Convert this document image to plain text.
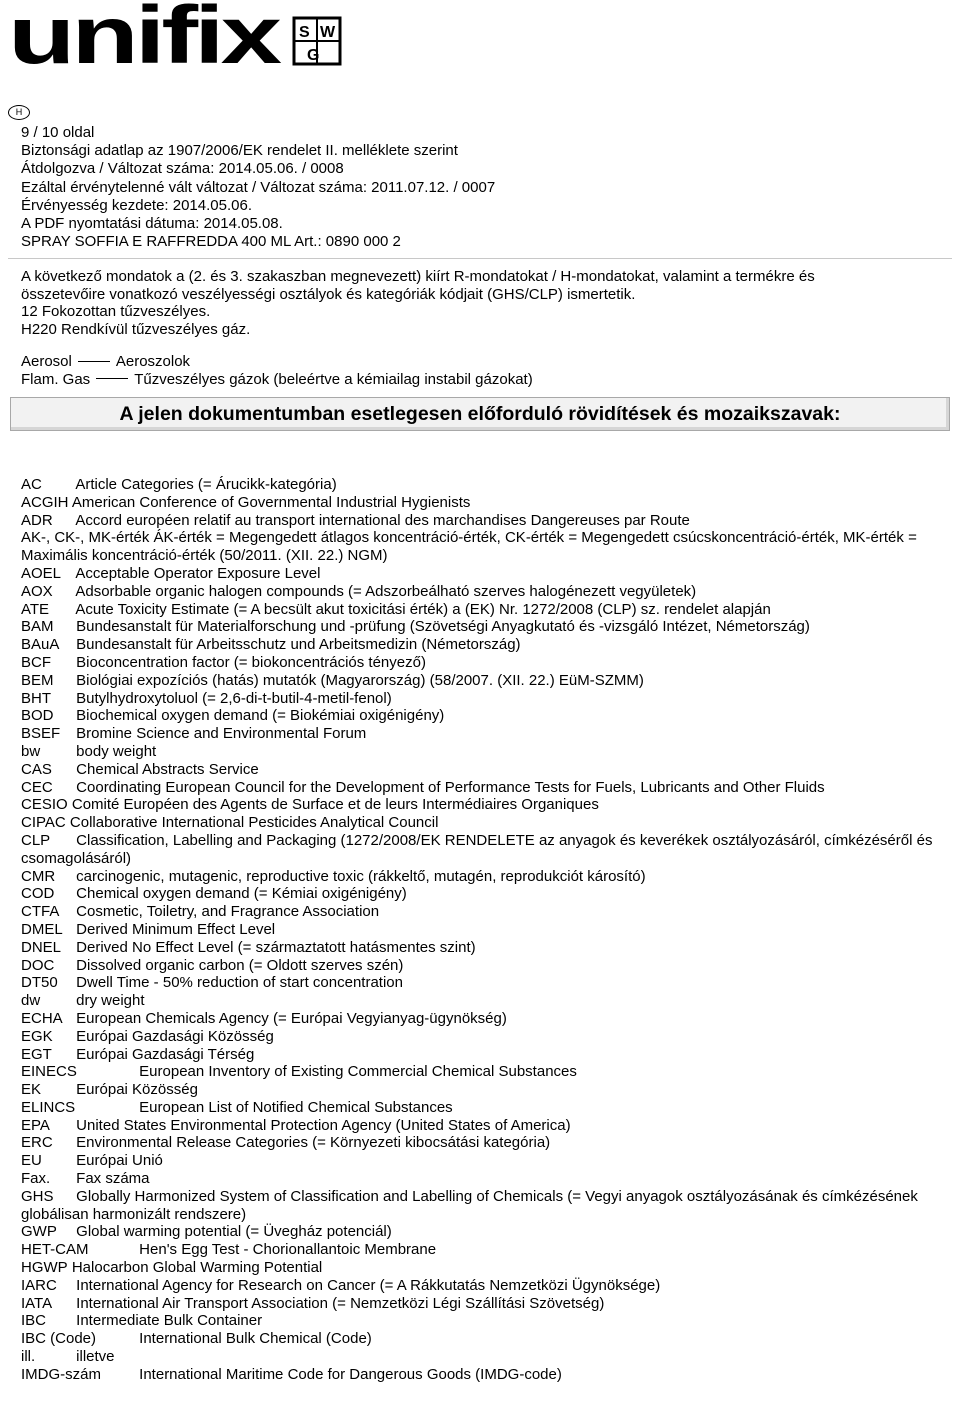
unifix S W
G
H
9 / 10 oldal
Biztonsági adatlap az 1907/2006/EK rendelet II. melléklete szerint
Átdolgozva / Változat száma: 2014.05.06. / 0008
Ezáltal érvénytelenné vált változat / Változat száma: 2011.07.12. / 0007
Érvényesség kezdete: 2014.05.06.
A PDF nyomtatási dátuma: 2014.05.08.
SPRAY SOFFIA E RAFFREDDA 400 ML Art.: 0890 000 2
A következő mondatok a (2. és 3. szakaszban megnevezett) kiírt R-mondatokat / H-mondatokat, valamint a termékre és
összetevőire vonatkozó veszélyességi osztályok és kategóriák kódjait (GHS/CLP) ismertetik.
12 Fokozottan tűzveszélyes.
H220 Rendkívül tűzveszélyes gáz.
Aerosol	Aeroszolok
Flam. Gas	Tűzveszélyes gázok (beleértve a kémiailag instabil gázokat)
A jelen dokumentumban esetlegesen előforduló rövidítések és mozaikszavak:
AC Article Categories (= Árucikk-kategória)
ACGIH American Conference of Governmental Industrial Hygienists
ADR Accord européen relatif au transport international des marchandises Dangereuses par Route
AK-, CK-, MK-érték ÁK-érték = Megengedett átlagos koncentráció-érték, CK-érték = Megengedett csúcskoncentráció-érték, MK-érték = Maximális koncentráció-érték (50/2011. (XII. 22.) NGM)
AOEL Acceptable Operator Exposure Level
AOX Adsorbable organic halogen compounds (= Adszorbeálható szerves halogénezett vegyületek)
ATE Acute Toxicity Estimate (= A becsült akut toxicitási érték) a (EK) Nr. 1272/2008 (CLP) sz. rendelet alapján
BAM Bundesanstalt für Materialforschung und -prüfung (Szövetségi Anyagkutató és -vizsgáló Intézet, Németország)
BAuA Bundesanstalt für Arbeitsschutz und Arbeitsmedizin (Németország)
BCF Bioconcentration factor (= biokoncentrációs tényező)
BEM Biológiai expozíciós (hatás) mutatók (Magyarország) (58/2007. (XII. 22.) EüM-SZMM)
BHT Butylhydroxytoluol (= 2,6-di-t-butil-4-metil-fenol)
BOD Biochemical oxygen demand (= Biokémiai oxigénigény)
BSEF Bromine Science and Environmental Forum
bw body weight
CAS Chemical Abstracts Service
CEC Coordinating European Council for the Development of Performance Tests for Fuels, Lubricants and Other Fluids
CESIO Comité Européen des Agents de Surface et de leurs Intermédiaires Organiques
CIPAC Collaborative International Pesticides Analytical Council
CLP Classification, Labelling and Packaging (1272/2008/EK RENDELETE az anyagok és keverékek osztályozásáról, címkézéséről és csomagolásáról)
CMR carcinogenic, mutagenic, reproductive toxic (rákkeltő, mutagén, reprodukciót károsító)
COD Chemical oxygen demand (= Kémiai oxigénigény)
CTFA Cosmetic, Toiletry, and Fragrance Association
DMEL Derived Minimum Effect Level
DNEL Derived No Effect Level (= származtatott hatásmentes szint)
DOC Dissolved organic carbon (= Oldott szerves szén)
DT50 Dwell Time - 50% reduction of start concentration
dw dry weight
ECHA European Chemicals Agency (= Európai Vegyianyag-ügynökség)
EGK Európai Gazdasági Közösség
EGT Európai Gazdasági Térség
EINECS	European Inventory of Existing Commercial Chemical Substances
EK Európai Közösség
ELINCS	European List of Notified Chemical Substances
EPA United States Environmental Protection Agency (United States of America)
ERC Environmental Release Categories (= Környezeti kibocsátási kategória)
EU Európai Unió
Fax. Fax száma
GHS Globally Harmonized System of Classification and Labelling of Chemicals (= Vegyi anyagok osztályozásának és címkézésének globálisan harmonizált rendszere)
GWP Global warming potential (= Üvegház potenciál)
HET-CAM	Hen's Egg Test - Chorionallantoic Membrane
HGWP Halocarbon Global Warming Potential
IARC International Agency for Research on Cancer (= A Rákkutatás Nemzetközi Ügynöksége)
IATA International Air Transport Association (= Nemzetközi Légi Szállítási Szövetség)
IBC Intermediate Bulk Container
IBC (Code)	International Bulk Chemical (Code)
ill.	illetve
IMDG-szám	International Maritime Code for Dangerous Goods (IMDG-code)
